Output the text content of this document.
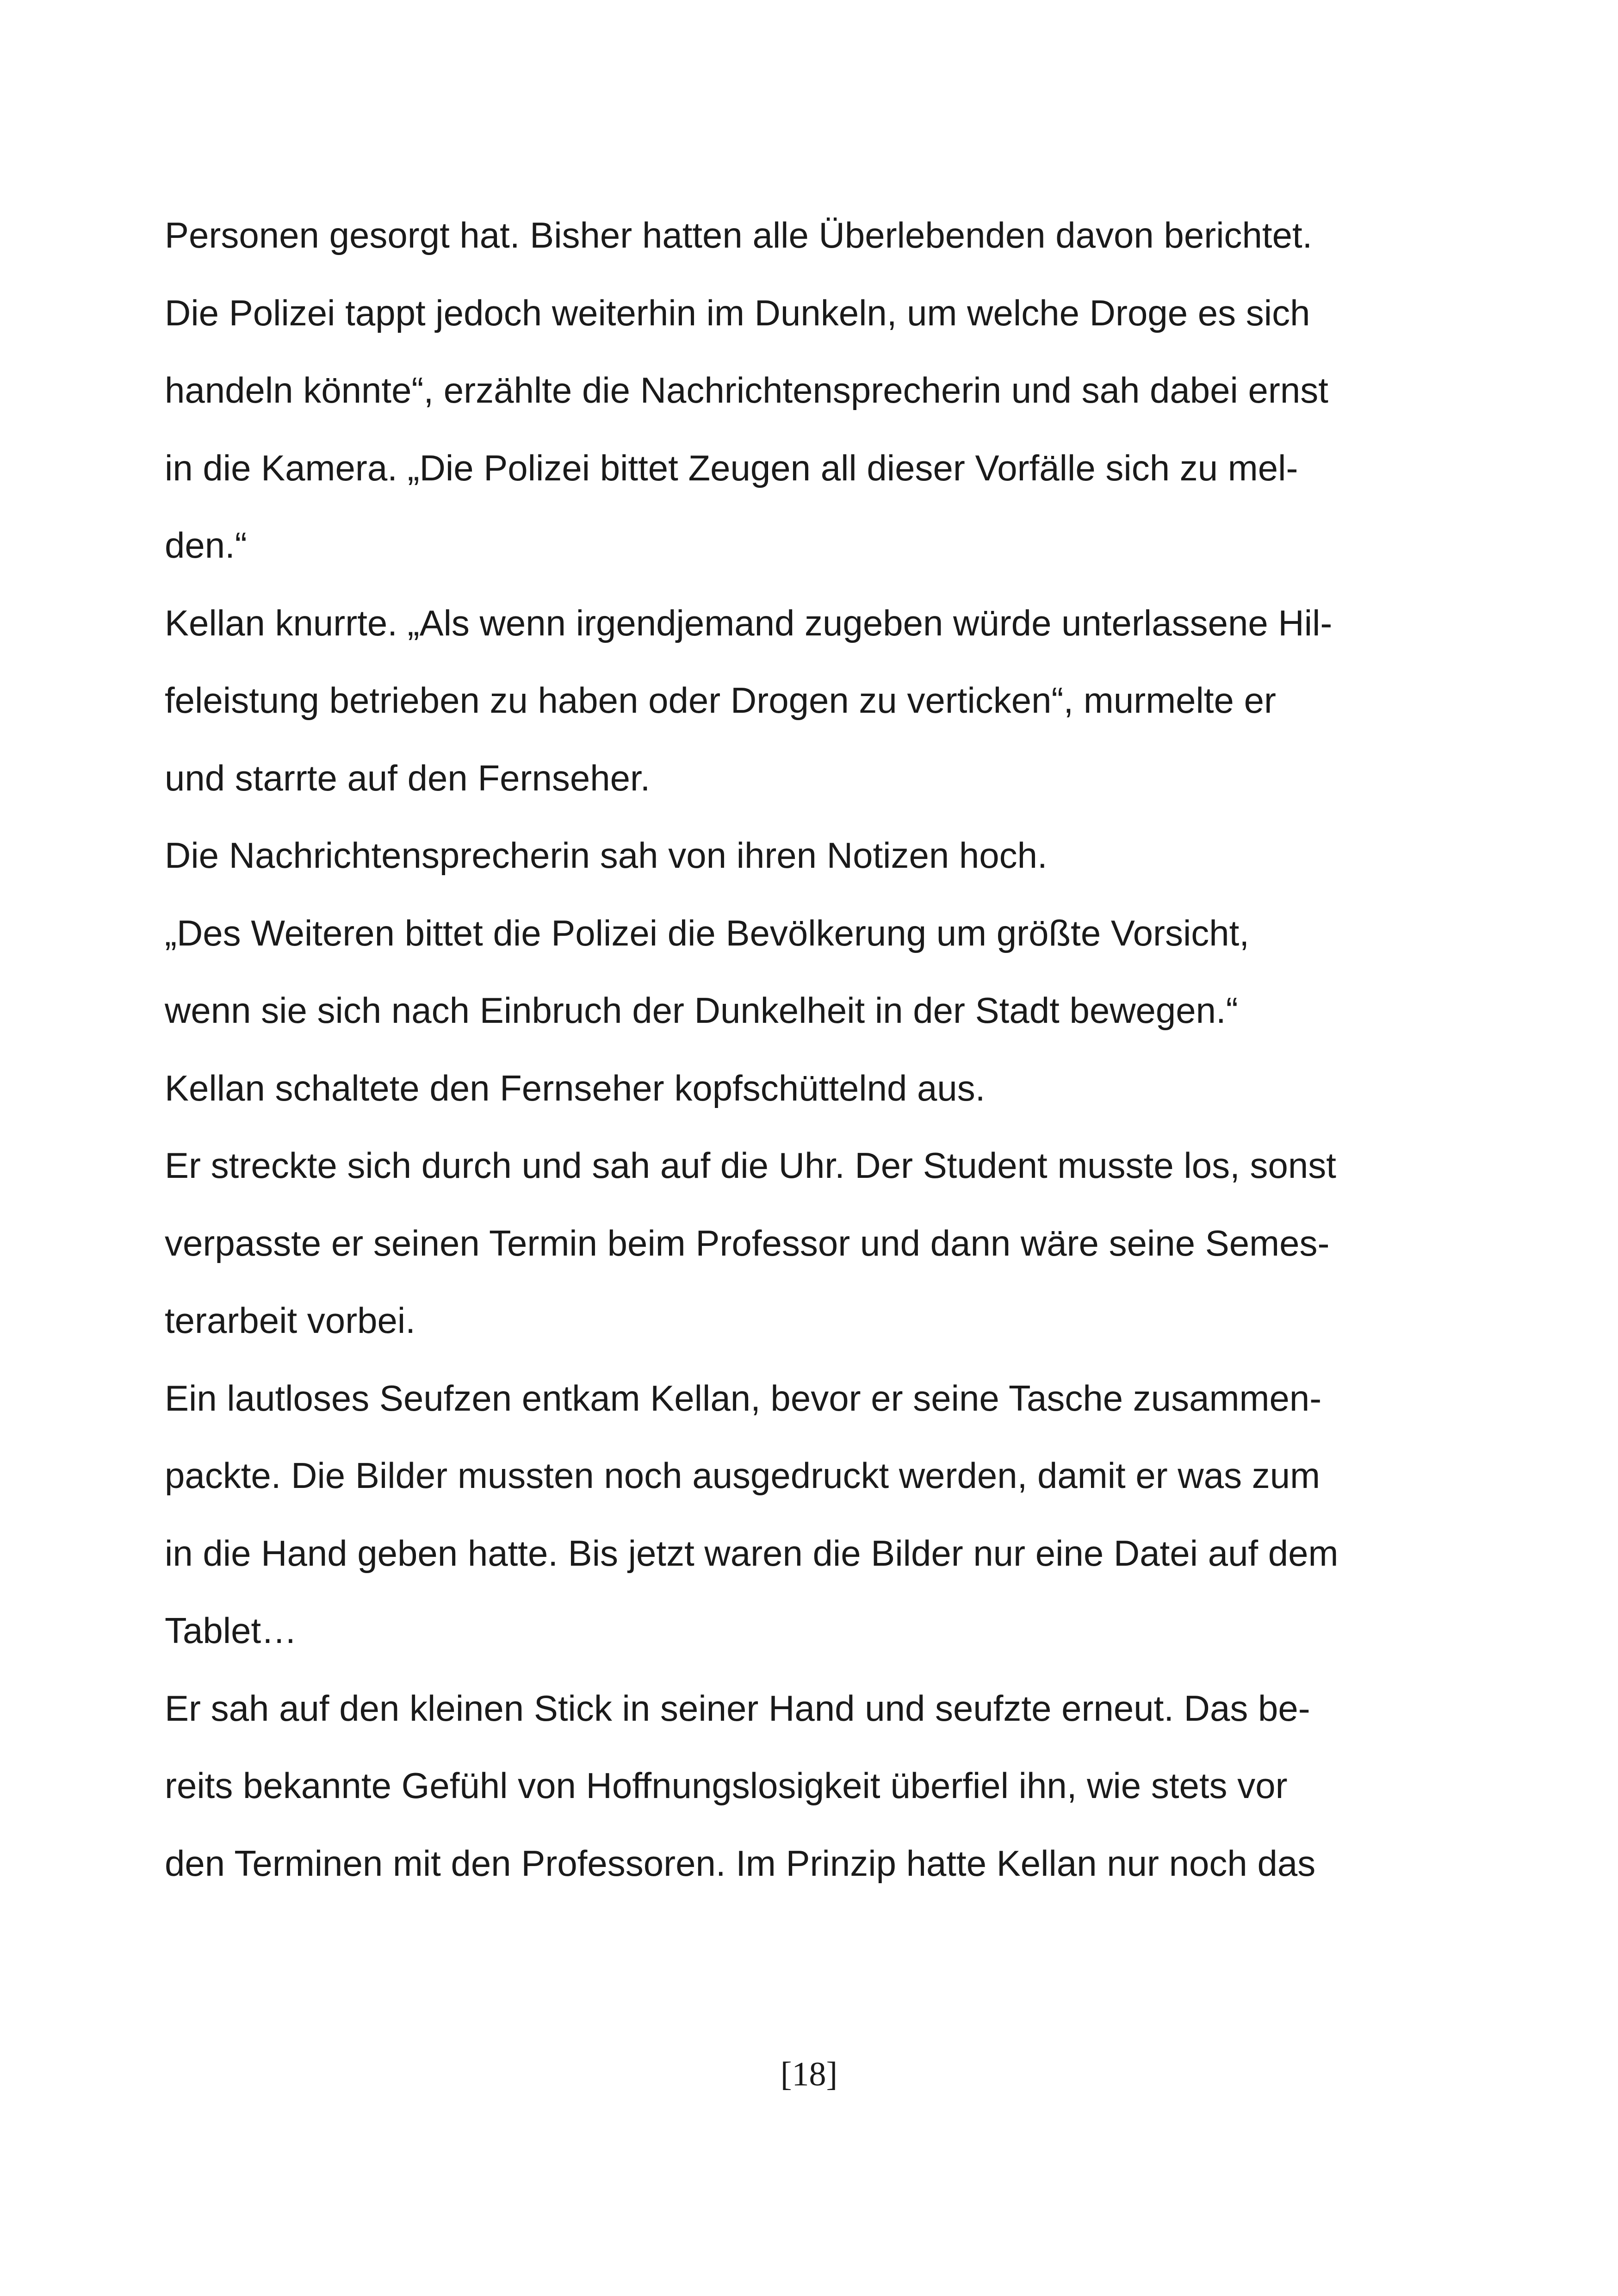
Personen gesorgt hat. Bisher hatten alle Überlebenden davon berichtet.
Die Polizei tappt jedoch weiterhin im Dunkeln, um welche Droge es sich
handeln könnte“, erzählte die Nachrichtensprecherin und sah dabei ernst
in die Kamera. „Die Polizei bittet Zeugen all dieser Vorfälle sich zu mel-
den.“
Kellan knurrte. „Als wenn irgendjemand zugeben würde unterlassene Hil-
feleistung betrieben zu haben oder Drogen zu verticken“, murmelte er
und starrte auf den Fernseher.
Die Nachrichtensprecherin sah von ihren Notizen hoch.
„Des Weiteren bittet die Polizei die Bevölkerung um größte Vorsicht,
wenn sie sich nach Einbruch der Dunkelheit in der Stadt bewegen.“
Kellan schaltete den Fernseher kopfschüttelnd aus.
Er streckte sich durch und sah auf die Uhr. Der Student musste los, sonst
verpasste er seinen Termin beim Professor und dann wäre seine Semes-
terarbeit vorbei.
Ein lautloses Seufzen entkam Kellan, bevor er seine Tasche zusammen-
packte. Die Bilder mussten noch ausgedruckt werden, damit er was zum
in die Hand geben hatte. Bis jetzt waren die Bilder nur eine Datei auf dem
Tablet…
Er sah auf den kleinen Stick in seiner Hand und seufzte erneut. Das be-
reits bekannte Gefühl von Hoffnungslosigkeit überfiel ihn, wie stets vor
den Terminen mit den Professoren. Im Prinzip hatte Kellan nur noch das
[18]
